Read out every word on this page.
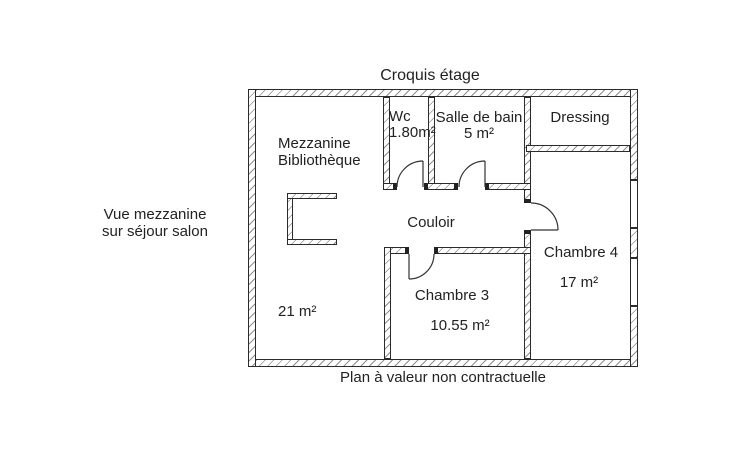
Croquis étage
Vue mezzanine
sur séjour salon
Plan à valeur non contractuelle
Mezzanine
Bibliothèque
21 m²
Wc
1.80m²
Salle de bain
5 m²
Dressing
Couloir
Chambre 4
17 m²
Chambre 3
10.55 m²
